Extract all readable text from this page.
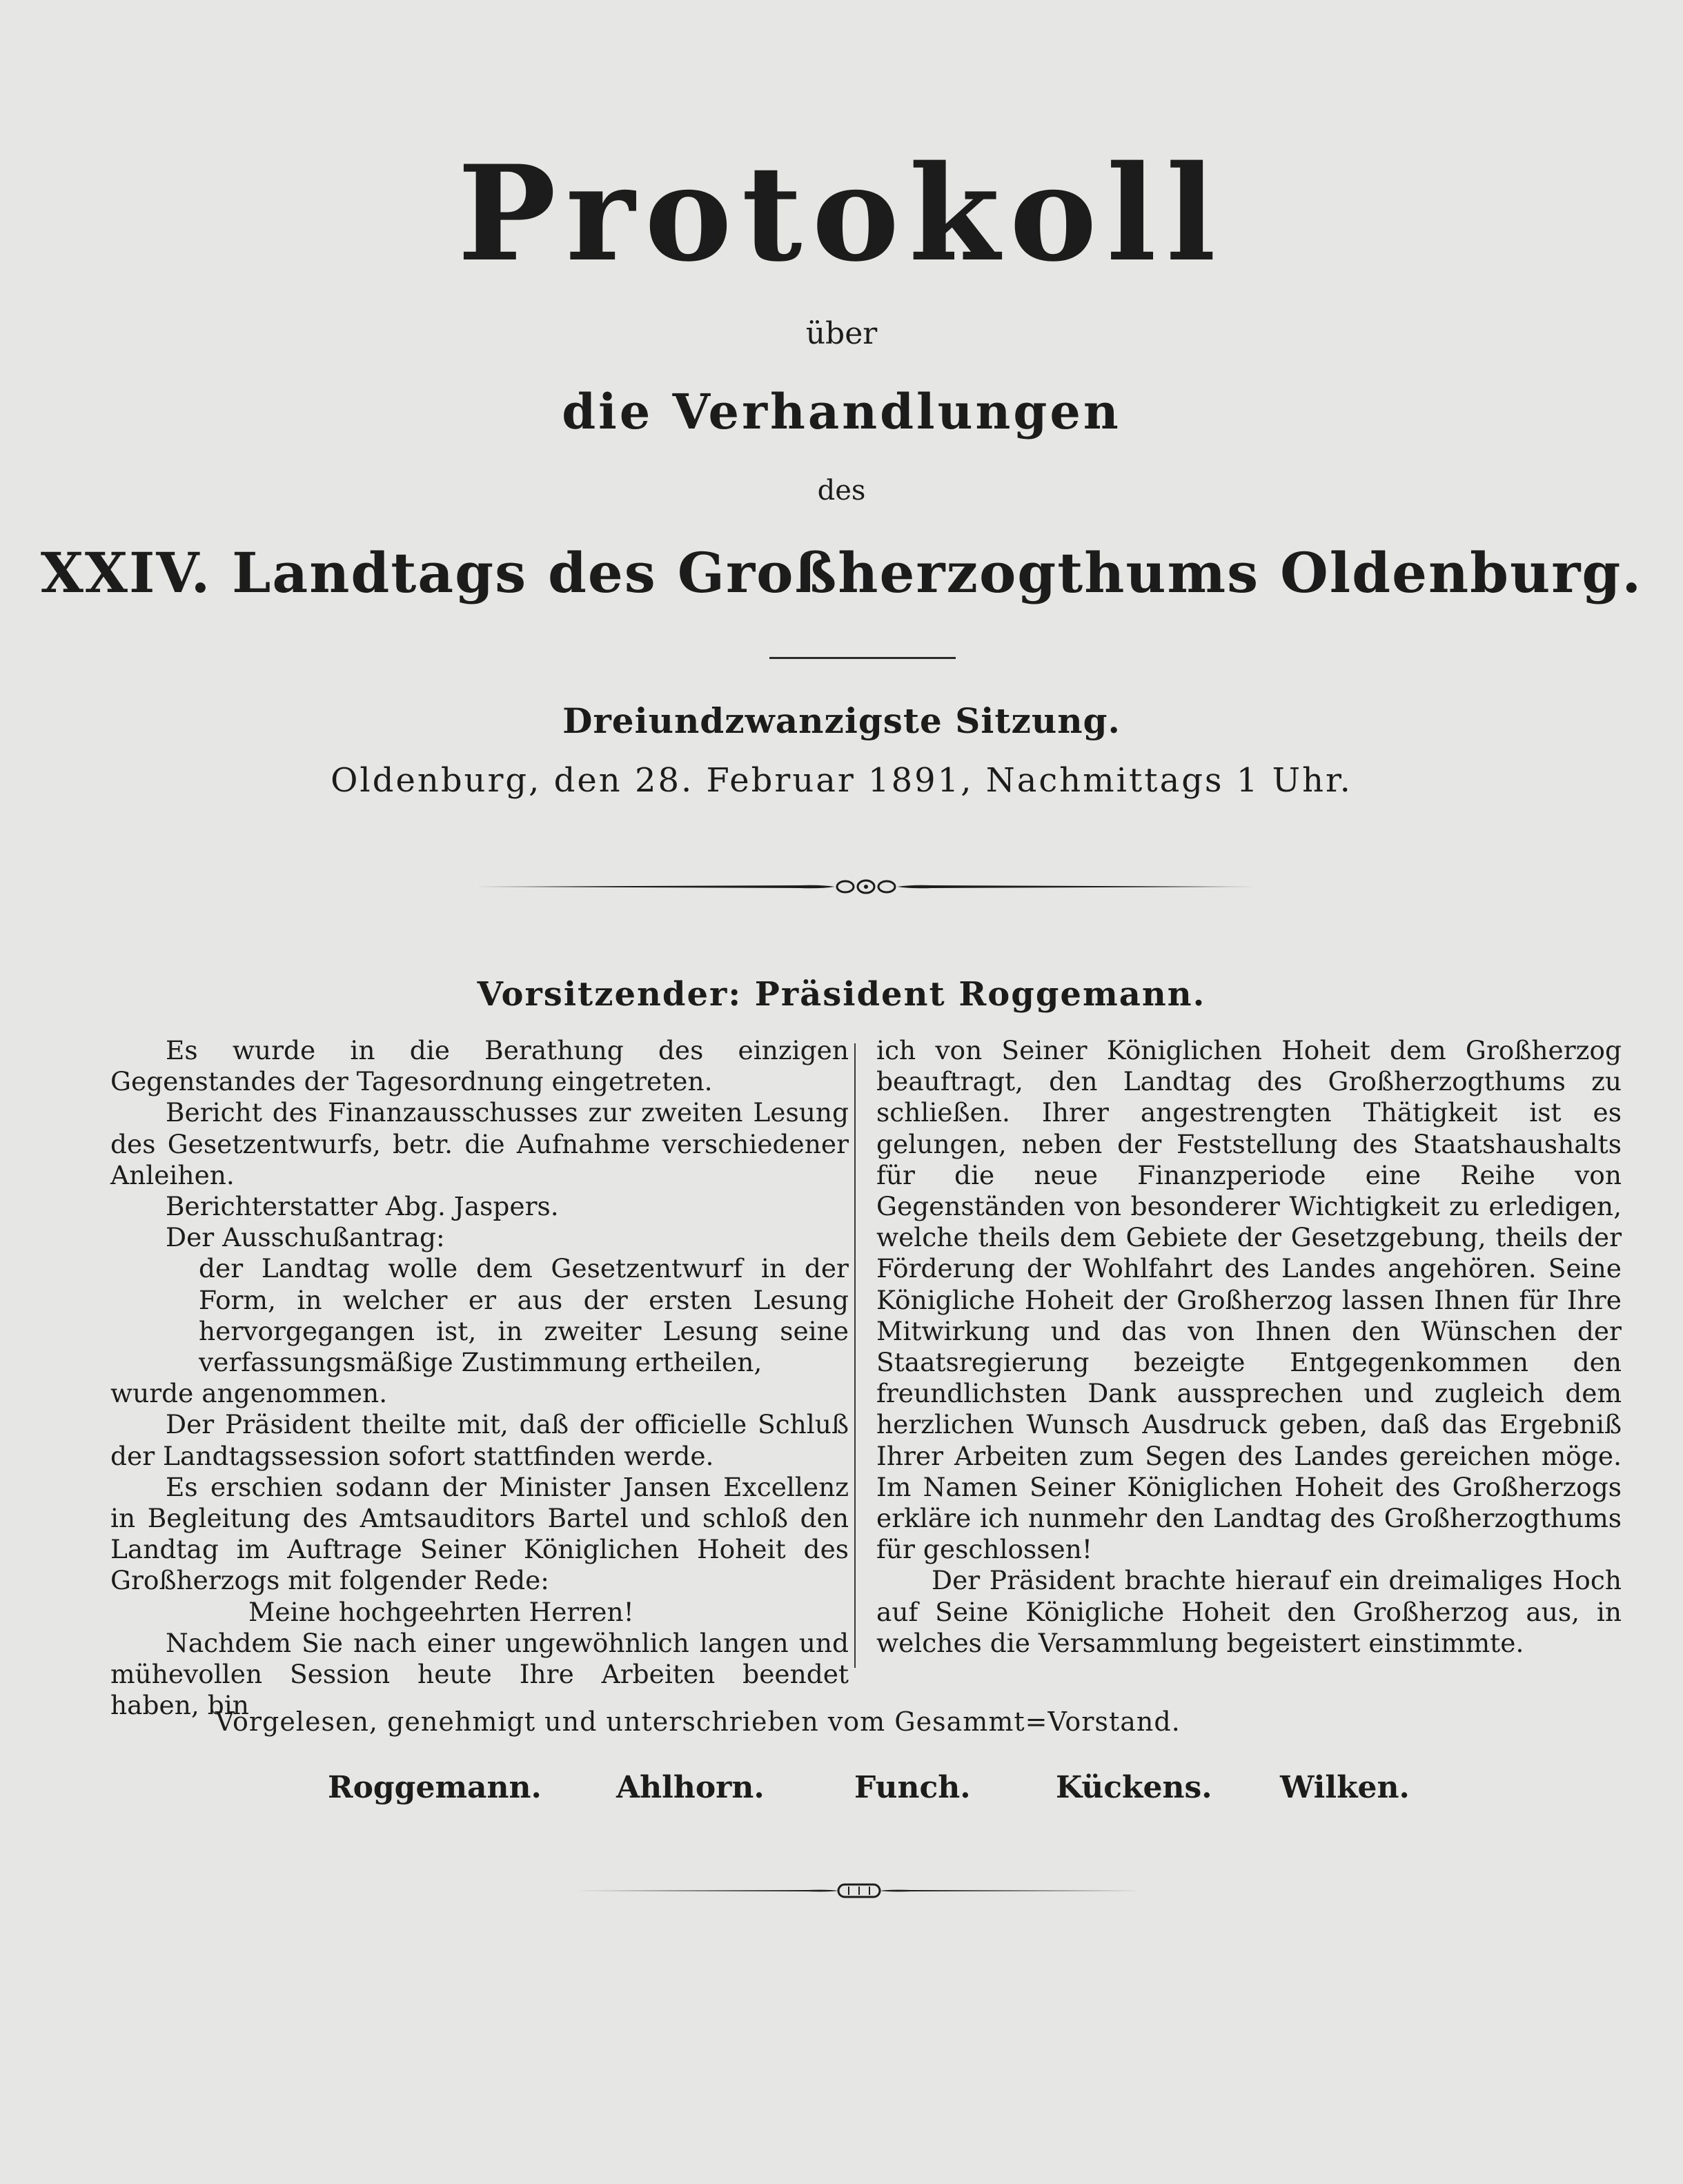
Protokoll
über
die Verhandlungen
des
XXIV. Landtags des Großherzogthums Oldenburg.
Dreiundzwanzigste Sitzung.
Oldenburg, den 28. Februar 1891, Nachmittags 1 Uhr.
Vorsitzender: Präsident Roggemann.

Es wurde in die Berathung des einzigen Gegenstandes der Tagesordnung eingetreten.

Bericht des Finanzausschusses zur zweiten Lesung des Gesetzentwurfs, betr. die Aufnahme verschiedener Anleihen.

Berichterstatter Abg. Jaspers.

Der Ausschußantrag:

der Landtag wolle dem Gesetzentwurf in der Form, in welcher er aus der ersten Lesung hervorgegangen ist, in zweiter Lesung seine verfassungsmäßige Zustimmung ertheilen,

wurde angenommen.

Der Präsident theilte mit, daß der officielle Schluß der Landtagssession sofort stattfinden werde.

Es erschien sodann der Minister Jansen Excellenz in Begleitung des Amtsauditors Bartel und schloß den Landtag im Auftrage Seiner Königlichen Hoheit des Großherzogs mit folgender Rede:

Meine hochgeehrten Herren!

Nachdem Sie nach einer ungewöhnlich langen und mühevollen Session heute Ihre Arbeiten beendet haben, bin

ich von Seiner Königlichen Hoheit dem Großherzog beauftragt, den Landtag des Großherzogthums zu schließen. Ihrer angestrengten Thätigkeit ist es gelungen, neben der Feststellung des Staatshaushalts für die neue Finanzperiode eine Reihe von Gegenständen von besonderer Wichtigkeit zu erledigen, welche theils dem Gebiete der Gesetzgebung, theils der Förderung der Wohlfahrt des Landes angehören. Seine Königliche Hoheit der Großherzog lassen Ihnen für Ihre Mitwirkung und das von Ihnen den Wünschen der Staatsregierung bezeigte Entgegenkommen den freundlichsten Dank aussprechen und zugleich dem herzlichen Wunsch Ausdruck geben, daß das Ergebniß Ihrer Arbeiten zum Segen des Landes gereichen möge. Im Namen Seiner Königlichen Hoheit des Großherzogs erkläre ich nunmehr den Landtag des Großherzogthums für geschlossen!

Der Präsident brachte hierauf ein dreimaliges Hoch auf Seine Königliche Hoheit den Großherzog aus, in welches die Versammlung begeistert einstimmte.

Vorgelesen, genehmigt und unterschrieben vom Gesammt=Vorstand.
Roggemann. Ahlhorn.	Funch.	Kückens. Wilken.
